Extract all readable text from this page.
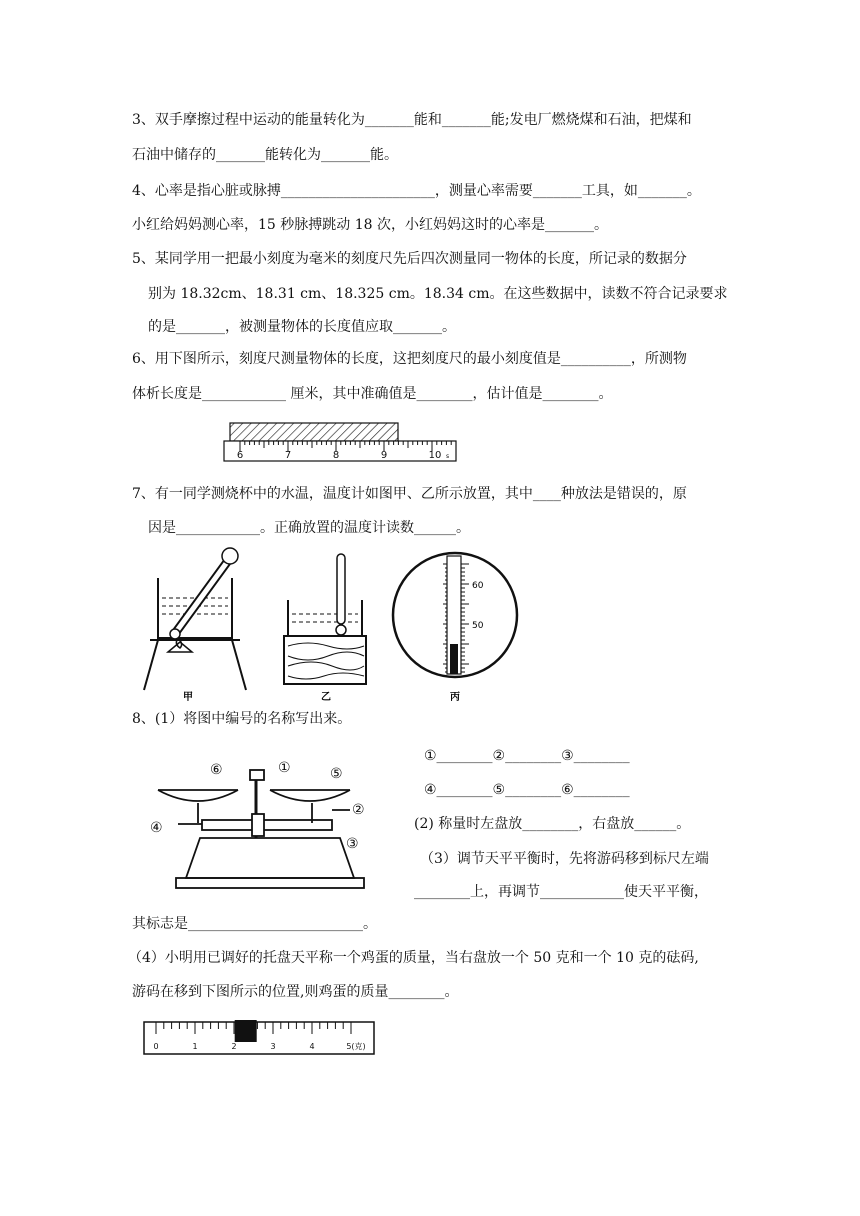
3、双手摩擦过程中运动的能量转化为_______能和_______能;发电厂燃烧煤和石油，把煤和
石油中储存的_______能转化为_______能。
4、心率是指心脏或脉搏______________________，测量心率需要_______工具，如_______。
小红给妈妈测心率，15 秒脉搏跳动 18 次，小红妈妈这时的心率是_______。
5、某同学用一把最小刻度为毫米的刻度尺先后四次测量同一物体的长度，所记录的数据分
别为 18.32cm、18.31 cm、18.325 cm。18.34 cm。在这些数据中，读数不符合记录要求
的是_______，被测量物体的长度值应取_______。
6、用下图所示，刻度尺测量物体的长度，这把刻度尺的最小刻度值是__________，所测物
体析长度是____________ 厘米，其中准确值是________，估计值是________。
6	7	8	9	10 s
7、有一同学测烧杯中的水温，温度计如图甲、乙所示放置，其中____种放法是错误的，原
因是____________。正确放置的温度计读数______。
甲	乙
60
50
丙
8、(1）将图中编号的名称写出来。
⑥	①	⑤
②
④
③
①________②________③________
④________⑤________⑥________
(2) 称量时左盘放________，右盘放______。
（3）调节天平平衡时，先将游码移到标尺左端
________上，再调节____________使天平平衡，
其标志是_________________________。
（4）小明用已调好的托盘天平称一个鸡蛋的质量，当右盘放一个 50 克和一个 10 克的砝码,
游码在移到下图所示的位置,则鸡蛋的质量________。
0	1	2	3	4	5(克)
